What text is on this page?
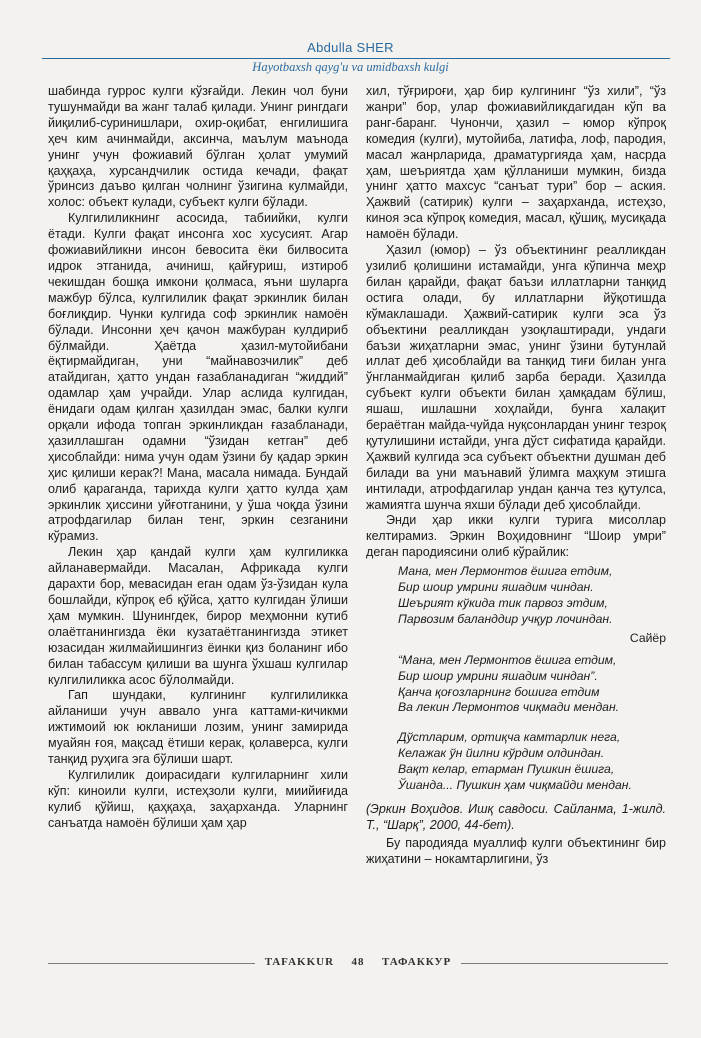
Abdulla SHER
Hayotbaxsh qayg'u va umidbaxsh kulgi

шабинда гуррос кулги кўзғайди. Лекин чол буни тушунмайди ва жанг талаб қилади. Унинг рингдаги йиқилиб-суринишлари, охир-оқибат, енгилишига ҳеч ким ачинмайди, аксинча, маълум маънода унинг учун фожиавий бўлган ҳолат умумий қаҳқаҳа, хурсандчилик остида кечади, фақат ўринсиз даъво қилган чолнинг ўзигина кулмайди, холос: объект кулади, субъект кулги бўлади.

Кулгилиликнинг асосида, табиийки, кулги ётади. Кулги фақат инсонга хос хусусият. Агар фожиавийликни инсон бевосита ёки билвосита идрок этганида, ачиниш, қайғуриш, изтироб чекишдан бошқа имкони қолмаса, яъни шуларга мажбур бўлса, кулгилилик фақат эркинлик билан боғлиқдир. Чунки кулгида соф эркинлик намоён бўлади. Инсонни ҳеч қачон мажбуран кулдириб бўлмайди. Ҳаётда ҳазил-мутойибани ёқтирмайдиган, уни “майнавозчилик” деб атайдиган, ҳатто ундан ғазабланадиган “жиддий” одамлар ҳам учрайди. Улар аслида кулгидан, ёнидаги одам қилган ҳазилдан эмас, балки кулги орқали ифода топган эркинликдан ғазабланади, ҳазиллашган одамни “ўзидан кетган” деб ҳисоблайди: нима учун одам ўзини бу қадар эркин ҳис қилиши керак?! Мана, масала нимада. Бундай олиб қараганда, тарихда кулги ҳатто кулда ҳам эркинлик ҳиссини уйғотганини, у ўша чоқда ўзини атрофдагилар билан тенг, эркин сезганини кўрамиз.

Лекин ҳар қандай кулги ҳам кулгиликка айланавермайди. Масалан, Африкада кулги дарахти бор, мевасидан еган одам ўз-ўзидан кула бошлайди, кўпроқ еб қўйса, ҳатто кулгидан ўлиши ҳам мумкин. Шунингдек, бирор меҳмонни кутиб олаётганингизда ёки кузатаётганингизда этикет юзасидан жилмайишингиз ёинки қиз боланинг ибо билан табассум қилиши ва шунга ўхшаш кулгилар кулгилиликка асос бўлолмайди.

Гап шундаки, кулгининг кулгилиликка айланиши учун аввало унга каттами-кичикми ижтимоий юк юкланиши лозим, унинг замирида муайян ғоя, мақсад ётиши керак, қолаверса, кулги танқид руҳига эга бўлиши шарт.

Кулгилилик доирасидаги кулгиларнинг хили кўп: киноили кулги, истеҳзоли кулги, миийиғида кулиб қўйиш, қаҳқаҳа, заҳарханда. Уларнинг санъатда намоён бўлиши ҳам ҳар

хил, тўғрироғи, ҳар бир кулгининг “ўз хили”, “ўз жанри” бор, улар фожиавийликдагидан кўп ва ранг-баранг. Чунончи, ҳазил – юмор кўпроқ комедия (кулги), мутойиба, латифа, лоф, пародия, масал жанрларида, драматургияда ҳам, насрда ҳам, шеъриятда ҳам қўлланиши мумкин, бизда унинг ҳатто махсус “санъат тури” бор – аския. Ҳажвий (сатирик) кулги – заҳарханда, истеҳзо, киноя эса кўпроқ комедия, масал, қўшиқ, мусиқада намоён бўлади.

Ҳазил (юмор) – ўз объектининг реалликдан узилиб қолишини истамайди, унга кўпинча меҳр билан қарайди, фақат баъзи иллатларни танқид остига олади, бу иллатларни йўқотишда кўмаклашади. Ҳажвий-сатирик кулги эса ўз объектини реалликдан узоқлаштиради, ундаги баъзи жиҳатларни эмас, унинг ўзини бутунлай иллат деб ҳисоблайди ва танқид тиғи билан унга ўнгланмайдиган қилиб зарба беради. Ҳазилда субъект кулги объекти билан ҳамқадам бўлиш, яшаш, ишлашни хоҳлайди, бунга халақит бераётган майда-чуйда нуқсонлардан унинг тезроқ қутулишини истайди, унга дўст сифатида қарайди. Ҳажвий кулгида эса субъект объектни душман деб билади ва уни маънавий ўлимга маҳкум этишга интилади, атрофдагилар ундан қанча тез қутулса, жамиятга шунча яхши бўлади деб ҳисоблайди.

Энди ҳар икки кулги турига мисоллар келтирамиз. Эркин Воҳидовнинг “Шоир умри” деган пародиясини олиб кўрайлик:

Мана, мен Лермонтов ёшига етдим,
Бир шоир умрини яшадим чиндан.
Шеърият кўкида тик парвоз этдим,
Парвозим баланддир учқур лочиндан.
Сайёр
“Мана, мен Лермонтов ёшига етдим,
Бир шоир умрини яшадим чиндан”.
Қанча қоғозларнинг бошига етдим
Ва лекин Лермонтов чиқмади мендан.
Дўстларим, ортиқча камтарлик нега,
Келажак ўн йилни кўрдим олдиндан.
Вақт келар, етарман Пушкин ёшига,
Ўшанда... Пушкин ҳам чиқмайди мендан.

(Эркин Воҳидов. Ишқ савдоси. Сайланма, 1-жилд. Т., “Шарқ”, 2000, 44-бет).

Бу пародияда муаллиф кулги объектининг бир жиҳатини – нокамтарлигини, ўз

TAFAKKUR 48 ТАФАККУР
